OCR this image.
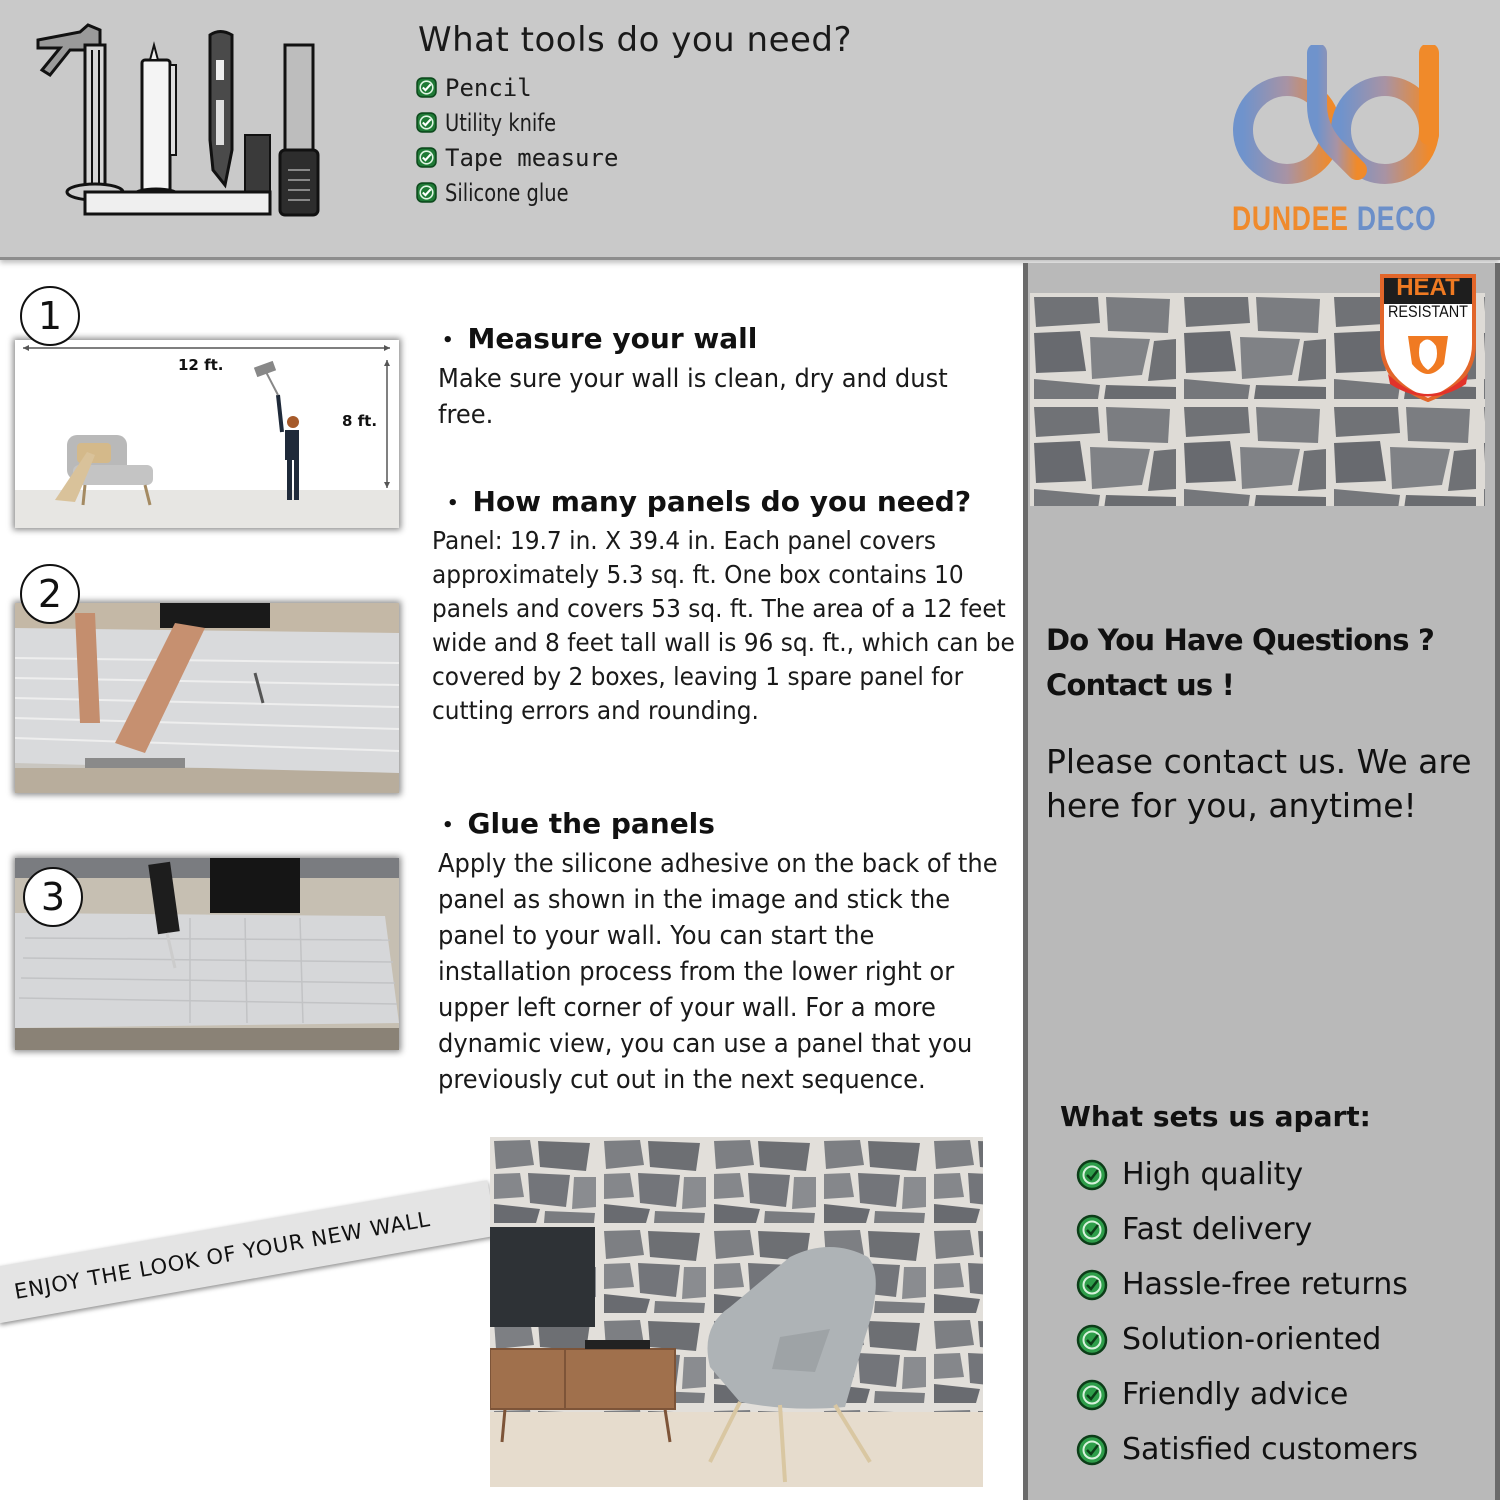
What tools do you need?
Pencil
Utility knife
Tape measure
Silicone glue
DUNDEE DECO
1
12 ft.
8 ft.
• Measure your wall
Make sure your wall is clean, dry and dust free.
2
• How many panels do you need?
Panel: 19.7 in. X 39.4 in. Each panel covers approximately 5.3 sq. ft. One box contains 10 panels and covers 53 sq. ft. The area of a 12 feet wide and 8 feet tall wall is 96 sq. ft., which can be covered by 2 boxes, leaving 1 spare panel for cutting errors and rounding.
3
• Glue the panels
Apply the silicone adhesive on the back of the panel as shown in the image and stick the panel to your wall. You can start the installation process from the lower right or upper left corner of your wall. For a more dynamic view, you can use a panel that you previously cut out in the next sequence.
ENJOY THE LOOK OF YOUR NEW WALL
HEAT
RESISTANT
Do You Have Questions ?
Contact us !
Please contact us. We are here for you, anytime!
What sets us apart:
High quality
Fast delivery
Hassle-free returns
Solution-oriented
Friendly advice
Satisfied customers
